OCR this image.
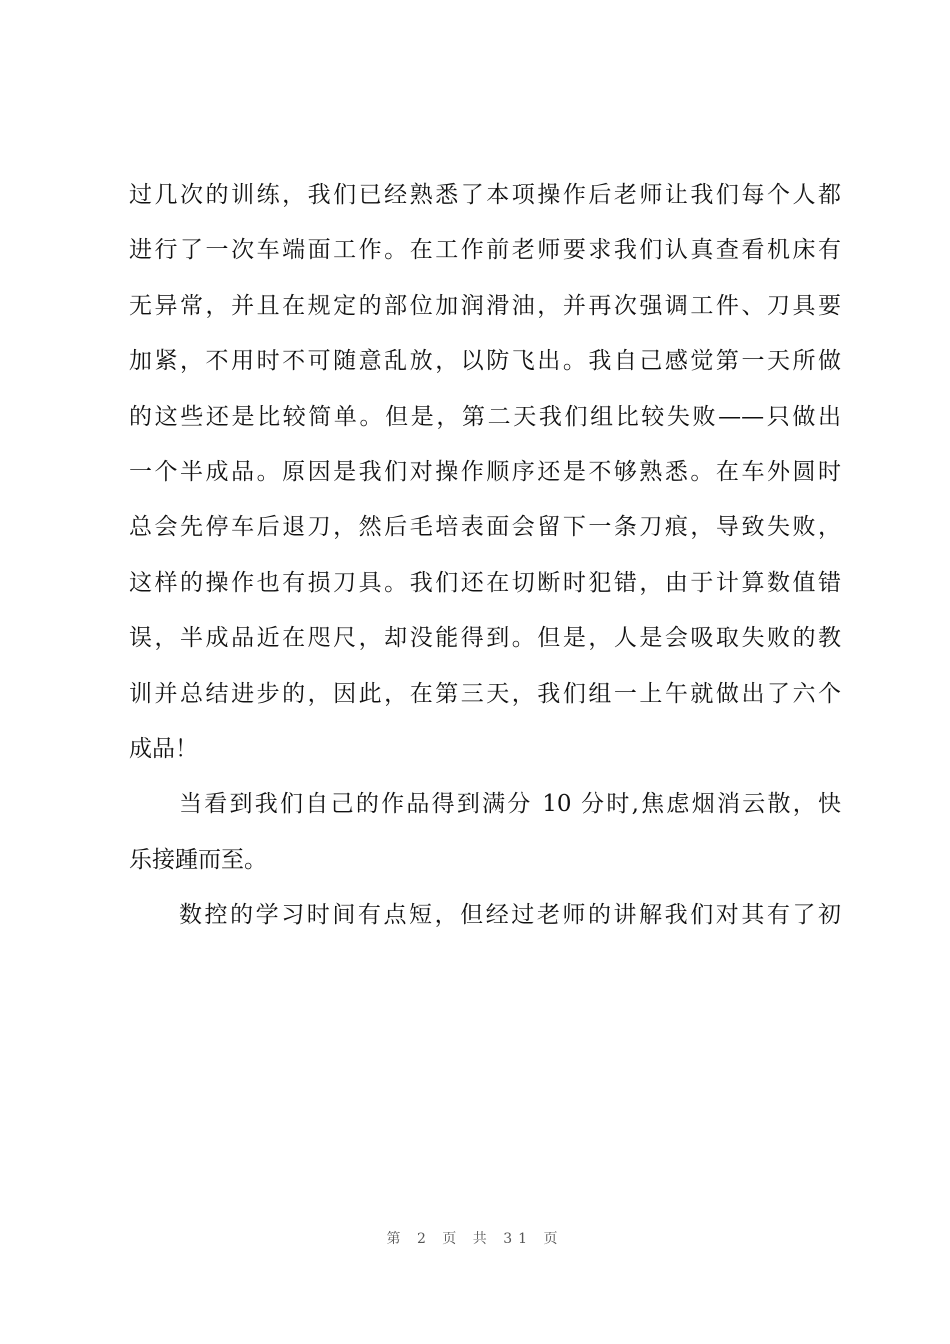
过几次的训练，我们已经熟悉了本项操作后老师让我们每个人都
进行了一次车端面工作。在工作前老师要求我们认真查看机床有
无异常，并且在规定的部位加润滑油，并再次强调工件、刀具要
加紧，不用时不可随意乱放，以防飞出。我自己感觉第一天所做
的这些还是比较简单。但是，第二天我们组比较失败——只做出
一个半成品。原因是我们对操作顺序还是不够熟悉。在车外圆时
总会先停车后退刀，然后毛培表面会留下一条刀痕，导致失败，
这样的操作也有损刀具。我们还在切断时犯错，由于计算数值错
误，半成品近在咫尺，却没能得到。但是，人是会吸取失败的教
训并总结进步的，因此，在第三天，我们组一上午就做出了六个
成品！
当看到我们自己的作品得到满分 10 分时,焦虑烟消云散，快
乐接踵而至。
数控的学习时间有点短，但经过老师的讲解我们对其有了初
第 2 页 共 31 页
